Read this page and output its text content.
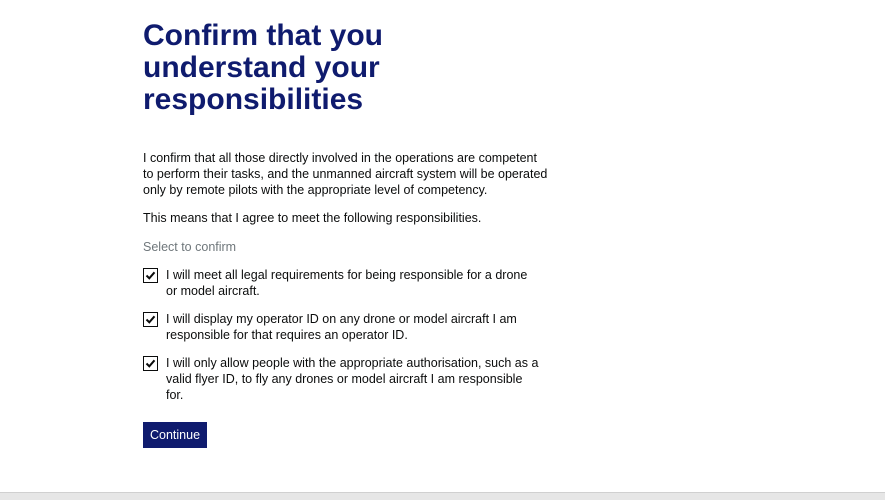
Confirm that you understand your responsibilities

I confirm that all those directly involved in the operations are competent to perform their tasks, and the unmanned aircraft system will be operated only by remote pilots with the appropriate level of competency.

This means that I agree to meet the following responsibilities.

Select to confirm

I will meet all legal requirements for being responsible for a drone or model aircraft.
I will display my operator ID on any drone or model aircraft I am responsible for that requires an operator ID.
I will only allow people with the appropriate authorisation, such as a valid flyer ID, to fly any drones or model aircraft I am responsible for.
Continue
